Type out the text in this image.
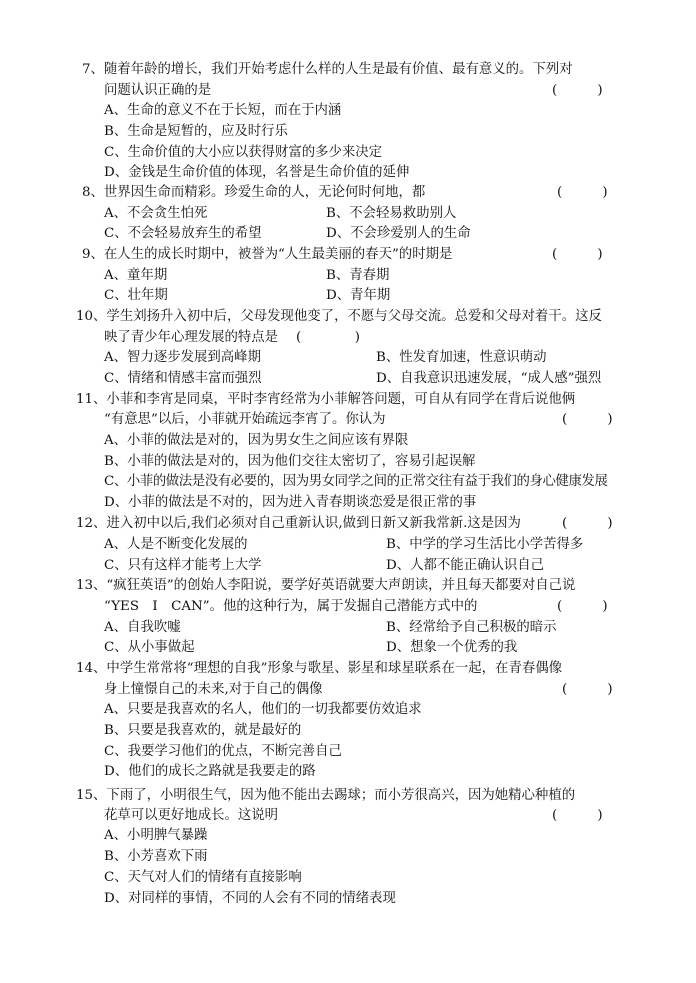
7、随着年龄的增长，我们开始考虑什么样的人生是最有价值、最有意义的。下列对
问题认识正确的是	(　　　)
A、生命的意义不在于长短，而在于内涵
B、生命是短暂的，应及时行乐
C、生命价值的大小应以获得财富的多少来决定
D、金钱是生命价值的体现，名誉是生命价值的延伸
8、世界因生命而精彩。珍爱生命的人，无论何时何地，都	(　　　)
A、不会贪生怕死	B、不会轻易救助别人
C、不会轻易放弃生的希望	D、不会珍爱别人的生命
9、在人生的成长时期中，被誉为“人生最美丽的春天”的时期是	(　　　)
A、童年期	B、青春期
C、壮年期	D、青年期
10、学生刘扬升入初中后，父母发现他变了，不愿与父母交流。总爱和父母对着干。这反
映了青少年心理发展的特点是 (　　　　)
A、智力逐步发展到高峰期	B、性发育加速，性意识萌动
C、情绪和情感丰富而强烈	D、自我意识迅速发展，“成人感”强烈
11、小菲和李宵是同桌，平时李宵经常为小菲解答问题，可自从有同学在背后说他俩
“有意思”以后，小菲就开始疏远李宵了。你认为	(　　　)
A、小菲的做法是对的，因为男女生之间应该有界限
B、小菲的做法是对的，因为他们交往太密切了，容易引起误解
C、小菲的做法是没有必要的，因为男女同学之间的正常交往有益于我们的身心健康发展
D、小菲的做法是不对的，因为进入青春期谈恋爱是很正常的事
12、进入初中以后,我们必须对自己重新认识,做到日新又新我常新.这是因为	(　　　)
A、人是不断变化发展的	B、中学的学习生活比小学苦得多
C、只有这样才能考上大学	D、人都不能正确认识自己
13、“疯狂英语”的创始人李阳说，要学好英语就要大声朗读，并且每天都要对自己说
“YES　I　CAN”。他的这种行为，属于发掘自己潜能方式中的	(　　　)
A、自我吹嘘	B、经常给予自己积极的暗示
C、从小事做起	D、想象一个优秀的我
14、中学生常常将“理想的自我”形象与歌星、影星和球星联系在一起，在青春偶像
身上憧憬自己的未来,对于自己的偶像	(　　　)
A、只要是我喜欢的名人，他们的一切我都要仿效追求
B、只要是我喜欢的，就是最好的
C、我要学习他们的优点，不断完善自己
D、他们的成长之路就是我要走的路
15、下雨了，小明很生气，因为他不能出去踢球；而小芳很高兴，因为她精心种植的
花草可以更好地成长。这说明	(　　　)
A、小明脾气暴躁
B、小芳喜欢下雨
C、天气对人们的情绪有直接影响
D、对同样的事情，不同的人会有不同的情绪表现
